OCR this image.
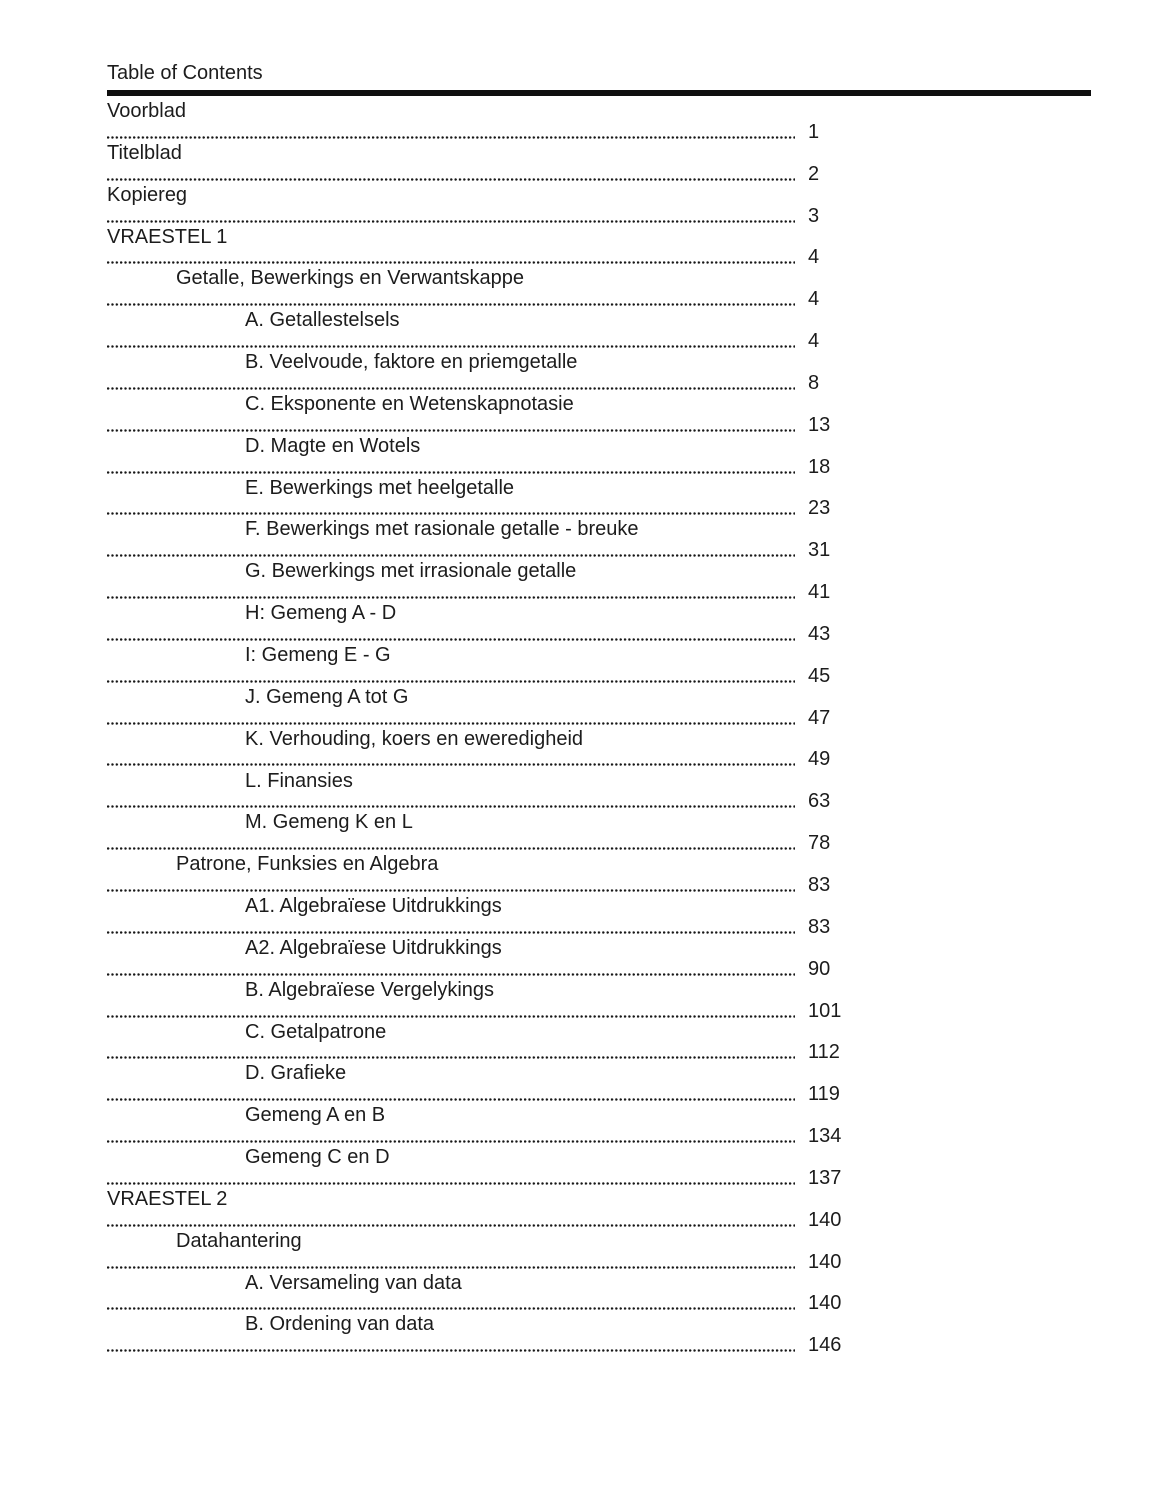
Table of Contents
Voorblad
1
Titelblad
2
Kopiereg
3
VRAESTEL 1
4
Getalle, Bewerkings en Verwantskappe
4
A. Getallestelsels
4
B. Veelvoude, faktore en priemgetalle
8
C. Eksponente en Wetenskapnotasie
13
D. Magte en Wotels
18
E. Bewerkings met heelgetalle
23
F. Bewerkings met rasionale getalle - breuke
31
G. Bewerkings met irrasionale getalle
41
H: Gemeng A - D
43
I: Gemeng E - G
45
J. Gemeng A tot G
47
K. Verhouding, koers en eweredigheid
49
L. Finansies
63
M. Gemeng K en L
78
Patrone, Funksies en Algebra
83
A1. Algebraïese Uitdrukkings
83
A2. Algebraïese Uitdrukkings
90
B. Algebraïese Vergelykings
101
C. Getalpatrone
112
D. Grafieke
119
Gemeng A en B
134
Gemeng C en D
137
VRAESTEL 2
140
Datahantering
140
A. Versameling van data
140
B. Ordening van data
146
